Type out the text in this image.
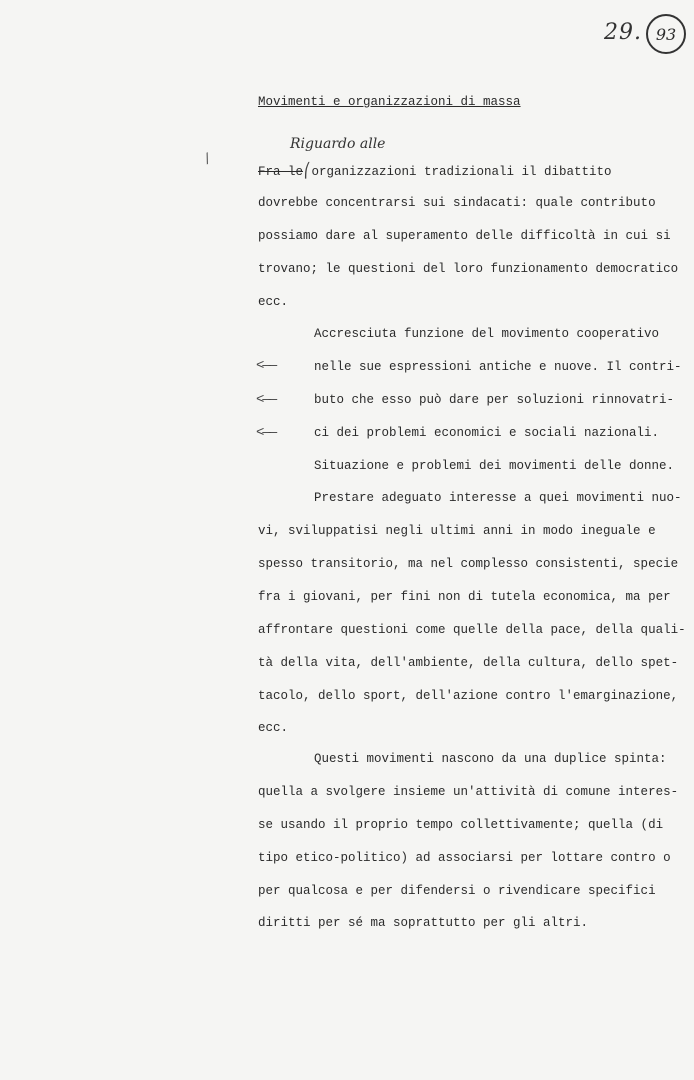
29. 93
Movimenti e organizzazioni di massa
Riguardo alle
/
Fra le⎛organizzazioni tradizionali il dibattito
dovrebbe concentrarsi sui sindacati: quale contributo
possiamo dare al superamento delle difficoltà in cui si
trovano; le questioni del loro funzionamento democratico
ecc.
Accresciuta funzione del movimento cooperativo
<——	nelle sue espressioni antiche e nuove. Il contri-
<——	buto che esso può dare per soluzioni rinnovatri-
<——	ci dei problemi economici e sociali nazionali.
Situazione e problemi dei movimenti delle donne.
Prestare adeguato interesse a quei movimenti nuo-
vi, sviluppatisi negli ultimi anni in modo ineguale e
spesso transitorio, ma nel complesso consistenti, specie
fra i giovani, per fini non di tutela economica, ma per
affrontare questioni come quelle della pace, della quali-
tà della vita, dell'ambiente, della cultura, dello spet-
tacolo, dello sport, dell'azione contro l'emarginazione,
ecc.
Questi movimenti nascono da una duplice spinta:
quella a svolgere insieme un'attività di comune interes-
se usando il proprio tempo collettivamente; quella (di
tipo etico-politico) ad associarsi per lottare contro o
per qualcosa e per difendersi o rivendicare specifici
diritti per sé ma soprattutto per gli altri.
